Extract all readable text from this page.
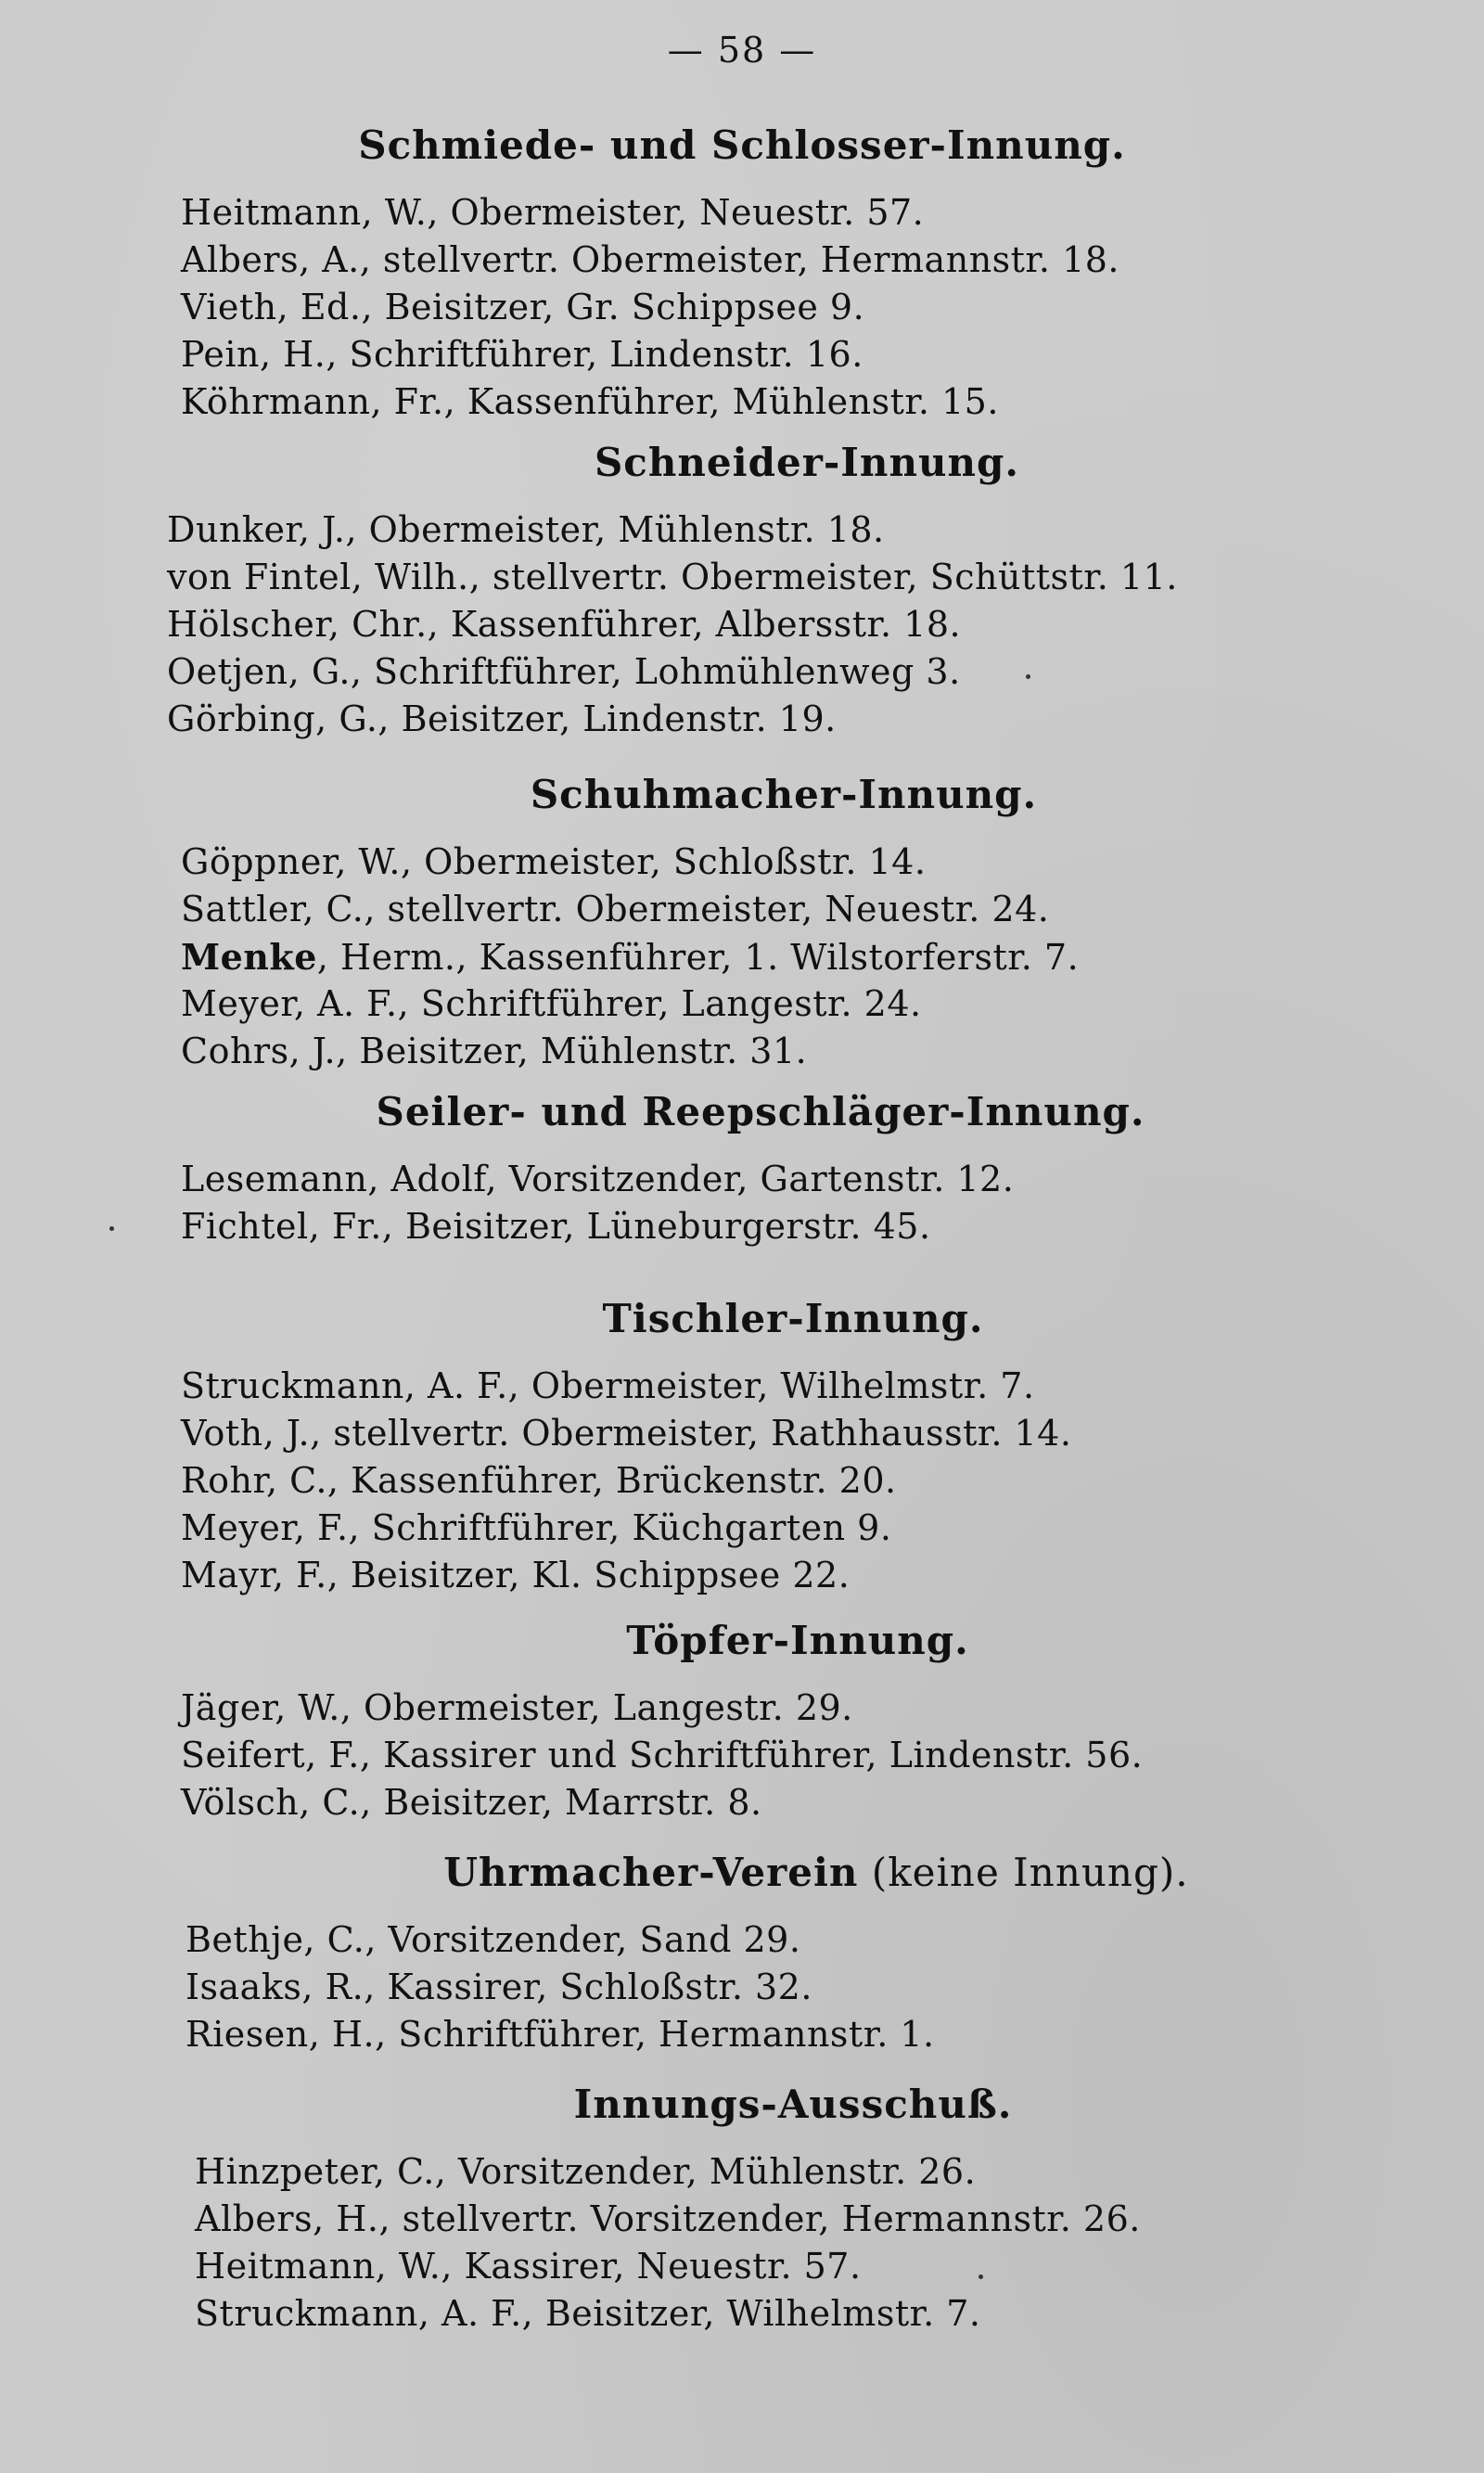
— 58 —
Schmiede- und Schlosser-Innung.
Heitmann, W., Obermeister, Neuestr. 57.
Albers, A., stellvertr. Obermeister, Hermannstr. 18.
Vieth, Ed., Beisitzer, Gr. Schippsee 9.
Pein, H., Schriftführer, Lindenstr. 16.
Köhrmann, Fr., Kassenführer, Mühlenstr. 15.
Schneider-Innung.
Dunker, J., Obermeister, Mühlenstr. 18.
von Fintel, Wilh., stellvertr. Obermeister, Schüttstr. 11.
Hölscher, Chr., Kassenführer, Albersstr. 18.
Oetjen, G., Schriftführer, Lohmühlenweg 3.
Görbing, G., Beisitzer, Lindenstr. 19.
Schuhmacher-Innung.
Göppner, W., Obermeister, Schloßstr. 14.
Sattler, C., stellvertr. Obermeister, Neuestr. 24.
Menke, Herm., Kassenführer, 1. Wilstorferstr. 7.
Meyer, A. F., Schriftführer, Langestr. 24.
Cohrs, J., Beisitzer, Mühlenstr. 31.
Seiler- und Reepschläger-Innung.
Lesemann, Adolf, Vorsitzender, Gartenstr. 12.
Fichtel, Fr., Beisitzer, Lüneburgerstr. 45.
Tischler-Innung.
Struckmann, A. F., Obermeister, Wilhelmstr. 7.
Voth, J., stellvertr. Obermeister, Rathhausstr. 14.
Rohr, C., Kassenführer, Brückenstr. 20.
Meyer, F., Schriftführer, Küchgarten 9.
Mayr, F., Beisitzer, Kl. Schippsee 22.
Töpfer-Innung.
Jäger, W., Obermeister, Langestr. 29.
Seifert, F., Kassirer und Schriftführer, Lindenstr. 56.
Völsch, C., Beisitzer, Marrstr. 8.
Uhrmacher-Verein (keine Innung).
Bethje, C., Vorsitzender, Sand 29.
Isaaks, R., Kassirer, Schloßstr. 32.
Riesen, H., Schriftführer, Hermannstr. 1.
Innungs-Ausschuß.
Hinzpeter, C., Vorsitzender, Mühlenstr. 26.
Albers, H., stellvertr. Vorsitzender, Hermannstr. 26.
Heitmann, W., Kassirer, Neuestr. 57.
Struckmann, A. F., Beisitzer, Wilhelmstr. 7.
